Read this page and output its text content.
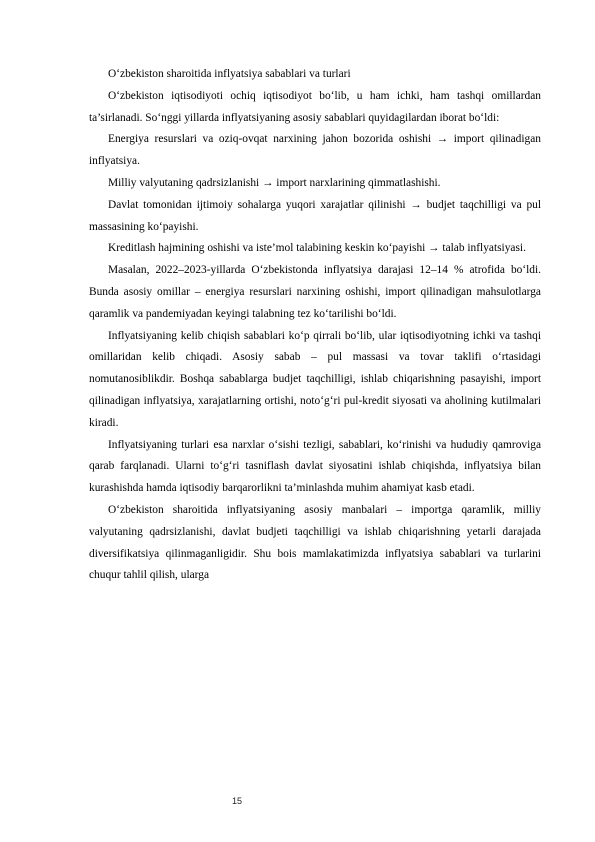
O‘zbekiston sharoitida inflyatsiya sabablari va turlari

O‘zbekiston iqtisodiyoti ochiq iqtisodiyot bo‘lib, u ham ichki, ham tashqi omillardan ta’sirlanadi. So‘nggi yillarda inflyatsiyaning asosiy sabablari quyidagilardan iborat bo‘ldi:

Energiya resurslari va oziq-ovqat narxining jahon bozorida oshishi → import qilinadigan inflyatsiya.

Milliy valyutaning qadrsizlanishi → import narxlarining qimmatlashishi.

Davlat tomonidan ijtimoiy sohalarga yuqori xarajatlar qilinishi → budjet taqchilligi va pul massasining ko‘payishi.

Kreditlash hajmining oshishi va iste’mol talabining keskin ko‘payishi → talab inflyatsiyasi.

Masalan, 2022–2023-yillarda O‘zbekistonda inflyatsiya darajasi 12–14 % atrofida bo‘ldi. Bunda asosiy omillar – energiya resurslari narxining oshishi, import qilinadigan mahsulotlarga qaramlik va pandemiyadan keyingi talabning tez ko‘tarilishi bo‘ldi.

Inflyatsiyaning kelib chiqish sabablari ko‘p qirrali bo‘lib, ular iqtisodiyotning ichki va tashqi omillaridan kelib chiqadi. Asosiy sabab – pul massasi va tovar taklifi o‘rtasidagi nomutanosiblikdir. Boshqa sabablarga budjet taqchilligi, ishlab chiqarishning pasayishi, import qilinadigan inflyatsiya, xarajatlarning ortishi, noto‘g‘ri pul-kredit siyosati va aholining kutilmalari kiradi.

Inflyatsiyaning turlari esa narxlar o‘sishi tezligi, sabablari, ko‘rinishi va hududiy qamroviga qarab farqlanadi. Ularni to‘g‘ri tasniflash davlat siyosatini ishlab chiqishda, inflyatsiya bilan kurashishda hamda iqtisodiy barqarorlikni ta’minlashda muhim ahamiyat kasb etadi.

O‘zbekiston sharoitida inflyatsiyaning asosiy manbalari – importga qaramlik, milliy valyutaning qadrsizlanishi, davlat budjeti taqchilligi va ishlab chiqarishning yetarli darajada diversifikatsiya qilinmaganligidir. Shu bois mamlakatimizda inflyatsiya sabablari va turlarini chuqur tahlil qilish, ularga

15
